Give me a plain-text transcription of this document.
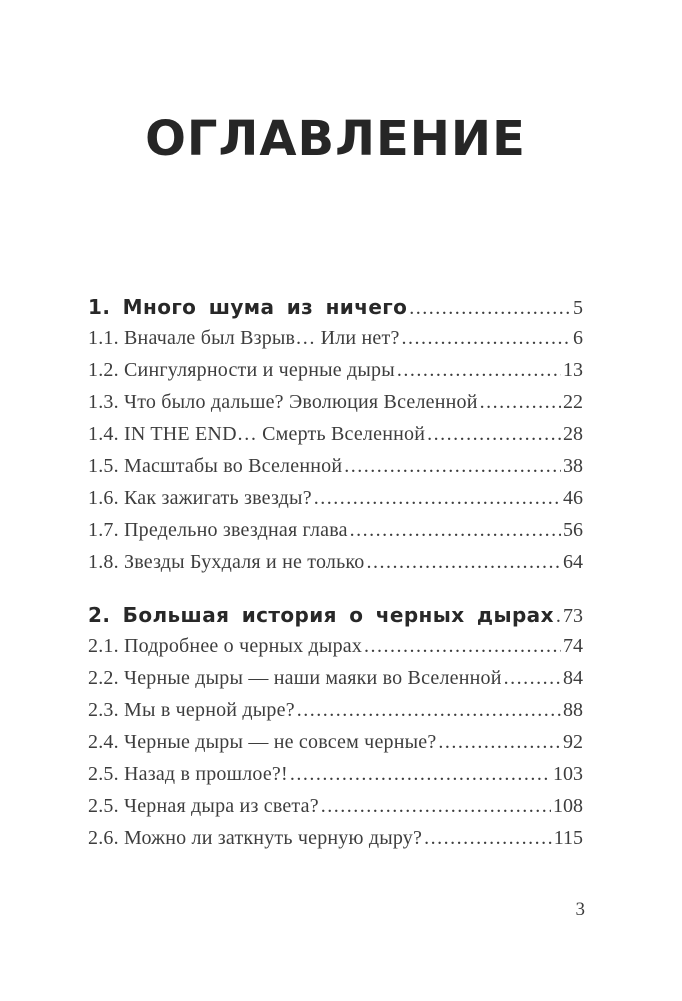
ОГЛАВЛЕНИЕ
1. Много шума из ничего .....	5
1.1. Вначале был Взрыв… Или нет? .....	6
1.2. Сингулярности и черные дыры .....	13
1.3. Что было дальше? Эволюция Вселенной .....	22
1.4. IN THE END… Смерть Вселенной .....	28
1.5. Масштабы во Вселенной .....	38
1.6. Как зажигать звезды? .....	46
1.7. Предельно звездная глава .....	56
1.8. Звезды Бухдаля и не только .....	64
2. Большая история о черных дырах ..... 73
2.1. Подробнее о черных дырах .....	74
2.2. Черные дыры — наши маяки во Вселенной .....	84
2.3. Мы в черной дыре? .....	88
2.4. Черные дыры — не совсем черные? .....	92
2.5. Назад в прошлое?! .....	103
2.5. Черная дыра из света? .....	108
2.6. Можно ли заткнуть черную дыру? .....	115
3
